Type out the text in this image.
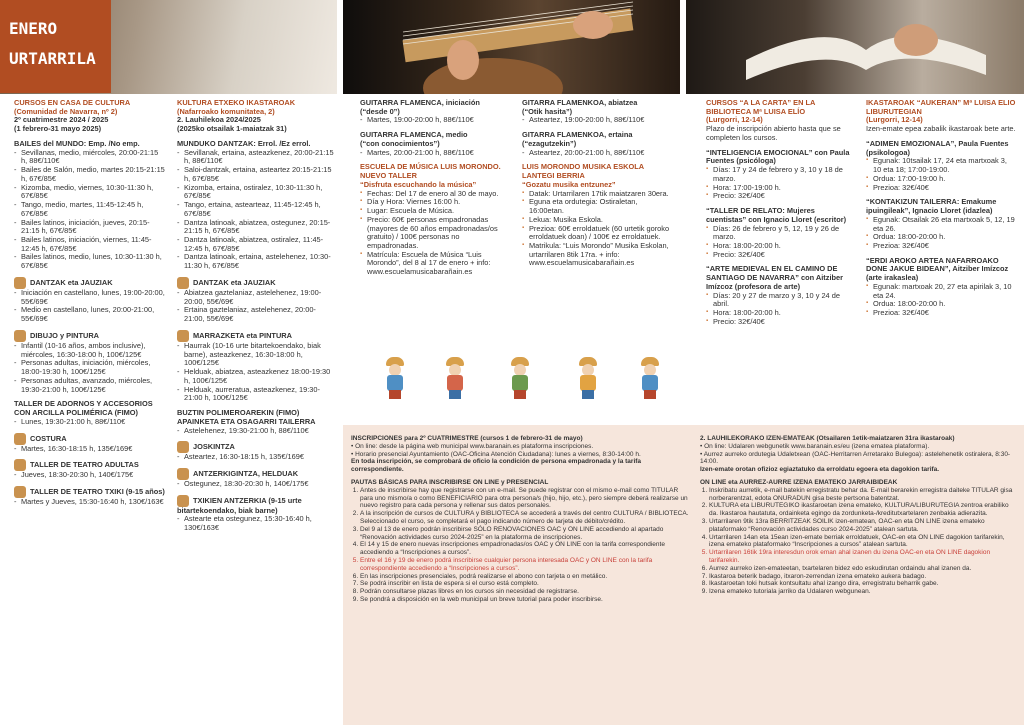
ENERO
URTARRILA
CURSOS EN CASA DE CULTURA
(Comunidad de Navarra, nº 2)
2º cuatrimestre 2024 / 2025
(1 febrero-31 mayo 2025)
BAILES del MUNDO: Emp. /No emp.
- Sevillanas, medio, miércoles, 20:00-21:15 h, 88€/110€
- Bailes de Salón, medio, martes 20:15-21:15 h, 67€/85€
- Kizomba, medio, viernes, 10:30-11:30 h, 67€/85€
- Tango, medio, martes, 11:45-12:45 h, 67€/85€
- Bailes latinos, iniciación, jueves, 20:15-21:15 h, 67€/85€
- Bailes latinos, iniciación, viernes, 11:45-12:45 h, 67€/85€
- Bailes latinos, medio, lunes, 10:30-11:30 h, 67€/85€
DANTZAK eta JAUZIAK
- Iniciación en castellano, lunes, 19:00-20:00, 55€/69€
- Medio en castellano, lunes, 20:00-21:00, 55€/69€
DIBUJO y PINTURA
- Infantil (10-16 años, ambos inclusive), miércoles, 16:30-18:00 h, 100€/125€
- Personas adultas, iniciación, miércoles, 18:00-19:30 h, 100€/125€
- Personas adultas, avanzado, miércoles, 19:30-21:00 h, 100€/125€
TALLER DE ADORNOS Y ACCESORIOS CON ARCILLA POLIMÉRICA (FIMO)
- Lunes, 19:30-21:00 h, 88€/110€
COSTURA
- Martes, 16:30-18:15 h, 135€/169€
TALLER DE TEATRO ADULTAS
- Jueves, 18:30-20:30 h, 140€/175€
TALLER DE TEATRO TXIKI (9-15 años)
- Martes y Jueves, 15:30-16:40 h, 130€/163€
KULTURA ETXEKO IKASTAROAK
(Nafarroako komunitatea, 2)
2. Lauhilekoa 2024/2025
(2025ko otsailak 1-maiatzak 31)
MUNDUKO DANTZAK: Errol. /Ez errol.
- Sevillanak, ertaina, asteazkenez, 20:00-21:15 h, 88€/110€
- Saloi-dantzak, ertaina, asteartez 20:15-21:15 h, 67€/85€
- Kizomba, ertaina, ostiralez, 10:30-11:30 h, 67€/85€
- Tango, ertaina, astearteaz, 11:45-12:45 h, 67€/85€
- Dantza latinoak, abiatzea, ostegunez, 20:15-21:15 h, 67€/85€
- Dantza latinoak, abiatzea, ostiralez, 11:45-12:45 h, 67€/85€
- Dantza latinoak, ertaina, astelehenez, 10:30-11:30 h, 67€/85€
DANTZAK eta JAUZIAK
- Abiatzea gaztelaniaz, astelehenez, 19:00-20:00, 55€/69€
- Ertaina gaztelaniaz, astelehenez, 20:00-21:00, 55€/69€
MARRAZKETA eta PINTURA
- Haurrak (10-16 urte bitartekoendako, biak barne), asteazkenez, 16:30-18:00 h, 100€/125€
- Helduak, abiatzea, asteazkenez 18:00-19:30 h, 100€/125€
- Helduak, aurreratua, asteazkenez, 19:30-21:00 h, 100€/125€
BUZTIN POLIMEROAREKIN (FIMO) APAINKETA ETA OSAGARRI TAILERRA
- Astelehenez, 19:30-21:00 h, 88€/110€
JOSKINTZA
- Asteartez, 16:30-18:15 h, 135€/169€
ANTZERKIGINTZA, HELDUAK
- Ostegunez, 18:30-20:30 h, 140€/175€
TXIKIEN ANTZERKIA (9-15 urte bitartekoendako, biak barne)
- Astearte eta ostegunez, 15:30-16:40 h, 130€/163€
GUITARRA FLAMENCA, iniciación
(“desde 0”)
- Martes, 19:00-20:00 h, 88€/110€
GUITARRA FLAMENCA, medio
(“con conocimientos”)
- Martes, 20:00-21:00 h, 88€/110€
ESCUELA DE MÚSICA LUIS MORONDO. NUEVO TALLER
“Disfruta escuchando la música”
▪ Fechas: Del 17 de enero al 30 de mayo.
▪ Día y Hora: Viernes 16:00 h.
▪ Lugar: Escuela de Música.
▪ Precio: 60€ personas empadronadas (mayores de 60 años empadronadas/os gratuito) / 100€ personas no empadronadas.
▪ Matrícula: Escuela de Música “Luis Morondo”, del 8 al 17 de enero + info: www.escuelamusicabarañain.es
GITARRA FLAMENKOA, abiatzea
(“Otik hasita”)
- Asteartez, 19:00-20:00 h, 88€/110€
GITARRA FLAMENKOA, ertaina
(“ezagutzekin”)
- Asteartez, 20:00-21:00 h, 88€/110€
LUIS MORONDO MUSIKA ESKOLA LANTEGI BERRIA
“Gozatu musika entzunez”
▪ Datak: Urtarrilaren 17tik maiatzaren 30era.
▪ Eguna eta ordutegia: Ostiraletan, 16:00etan.
▪ Lekua: Musika Eskola.
▪ Prezioa: 60€ erroldatuek (60 urtetik goroko erroldatuek doan) / 100€ ez erroldatuek.
▪ Matrikula: “Luis Morondo” Musika Eskolan, urtarrilaren 8tik 17ra. + info: www.escuelamusicabarañain.es
CURSOS “A LA CARTA” EN LA BIBLIOTECA Mª LUISA ELÍO
(Lurgorri, 12-14)
Plazo de inscripción abierto hasta que se completen los cursos.
“INTELIGENCIA EMOCIONAL” con Paula Fuentes (psicóloga)
▪ Días: 17 y 24 de febrero y 3, 10 y 18 de marzo.
▪ Hora: 17:00-19:00 h.
▪ Precio: 32€/40€
“TALLER DE RELATO: Mujeres cuentistas” con Ignacio Lloret (escritor)
▪ Días: 26 de febrero y 5, 12, 19 y 26 de marzo.
▪ Hora: 18:00-20:00 h.
▪ Precio: 32€/40€
“ARTE MEDIEVAL EN EL CAMINO DE SANTIAGO DE NAVARRA” con Aitziber Imízcoz (profesora de arte)
▪ Días: 20 y 27 de marzo y 3, 10 y 24 de abril.
▪ Hora: 18:00-20:00 h.
▪ Precio: 32€/40€
IKASTAROAK “AUKERAN” Mª LUISA ELIO LIBURUTEGIAN
(Lurgorri, 12-14)
Izen-emate epea zabalik ikastaroak bete arte.
“ADIMEN EMOZIONALA”, Paula Fuentes (psikologoa)
▪ Egunak: 10tsailak 17, 24 eta martxoak 3, 10 eta 18; 17:00-19:00.
▪ Ordua: 17:00-19:00 h.
▪ Prezioa: 32€/40€
“KONTAKIZUN TAILERRA: Emakume ipuingileak”, Ignacio Lloret (idazlea)
▪ Egunak: Otsailak 26 eta martxoak 5, 12, 19 eta 26.
▪ Ordua: 18:00-20:00 h.
▪ Prezioa: 32€/40€
“ERDI AROKO ARTEA NAFARROAKO DONE JAKUE BIDEAN”, Aitziber Imízcoz (arte irakaslea)
▪ Egunak: martxoak 20, 27 eta apirilak 3, 10 eta 24.
▪ Ordua: 18:00-20:00 h.
▪ Prezioa: 32€/40€
INSCRIPCIONES para 2º CUATRIMESTRE (cursos 1 de febrero-31 de mayo)
• On line: desde la página web municipal www.baranain.es plataforma inscripciones.
• Horario presencial Ayuntamiento (OAC-Oficina Atención Ciudadana): lunes a viernes, 8:30-14:00 h.
En toda inscripción, se comprobará de oficio la condición de persona empadronada y la tarifa correspondiente.
PAUTAS BÁSICAS PARA INSCRIBIRSE ON LINE y PRESENCIAL
1. Antes de inscribirse hay que registrarse con un e-mail. Se puede registrar con el mismo e-mail como TITULAR para uno mismo/a o como BENEFICIARIO para otra persona/s (hijo, hijo, etc.), pero siempre deberá realizarse un nuevo registro para cada persona y rellenar sus datos personales.
2. A la inscripción de cursos de CULTURA y BIBLIOTECA se accederá a través del centro CULTURA / BIBLIOTECA. Seleccionado el curso, se completará el pago indicando número de tarjeta de débito/crédito.
3. Del 9 al 13 de enero podrán inscribirse SÓLO RENOVACIONES OAC y ON LINE accediendo al apartado “Renovación actividades curso 2024-2025” en la plataforma de inscripciones.
4. El 14 y 15 de enero nuevas inscripciones empadronadas/os OAC y ON LINE con la tarifa correspondiente accediendo a “Inscripciones a cursos”.
5. Entre el 16 y 19 de enero podrá inscribirse cualquier persona interesada OAC y ON LINE con la tarifa correspondiente accediendo a “Inscripciones a cursos”.
6. En las inscripciones presenciales, podrá realizarse el abono con tarjeta o en metálico.
7. Se podrá inscribir en lista de espera si el curso está completo.
8. Podrán consultarse plazas libres en los cursos sin necesidad de registrarse.
9. Se pondrá a disposición en la web municipal un breve tutorial para poder inscribirse.
2. LAUHILEKORAKO IZEN-EMATEAK (Otsailaren 1etik-maiatzaren 31ra ikastaroak)
• On line: Udalaren webgunetik www.baranain.es/eu (izena ematea plataforma).
• Aurrez aurreko ordutegia Udaletxean (OAC-Herritarren Arretarako Bulegoa): astelehenetik ostiralera, 8:30-14:00.
Izen-emate orotan ofizioz egiaztatuko da erroldatu egoera eta dagokion tarifa.
ON LINE eta AURREZ-AURRE IZENA EMATEKO JARRAIBIDEAK
1. Inskribatu aurretik, e-mail batekin erregistratu behar da. E-mail berarekin erregistra daiteke TITULAR gisa norberarentzat, edota ONURADUN gisa beste pertsona batentzat.
2. KULTURA eta LIBURUTEGIKO ikastaroetan izena emateko, KULTURA/LIBURUTEGIA zentroa erabiliko da. Ikastaroa hautatuta, ordainketa egingo da zordunketa-/kreditutxartelaren zenbakia adierazita.
3. Urtarrilaren 9tik 13ra BERRITZEAK SOILIK izen-ematean, OAC-en eta ON LINE izena emateko plataformako “Renovación actividades curso 2024-2025” atalean sartuta.
4. Urtarrilaren 14an eta 15ean izen-emate berriak erroldatuek, OAC-en eta ON LINE dagokion tarifarekin, izena emateko plataformako “Inscripciones a cursos” atalean sartuta.
5. Urtarrilaren 16tik 19ra interesdun orok eman ahal izanen du izena OAC-en eta ON LINE dagokion tarifarekin.
6. Aurrez aurreko izen-emateetan, txartelaren bidez edo eskudirutan ordaindu ahal izanen da.
7. Ikastaroa beterik badago, itxaron-zerrendan izena emateko aukera badago.
8. Ikastaroetan toki hutsak kontsultatu ahal izango dira, erregistratu beharrik gabe.
9. Izena emateko tutoriala jarriko da Udalaren webgunean.
